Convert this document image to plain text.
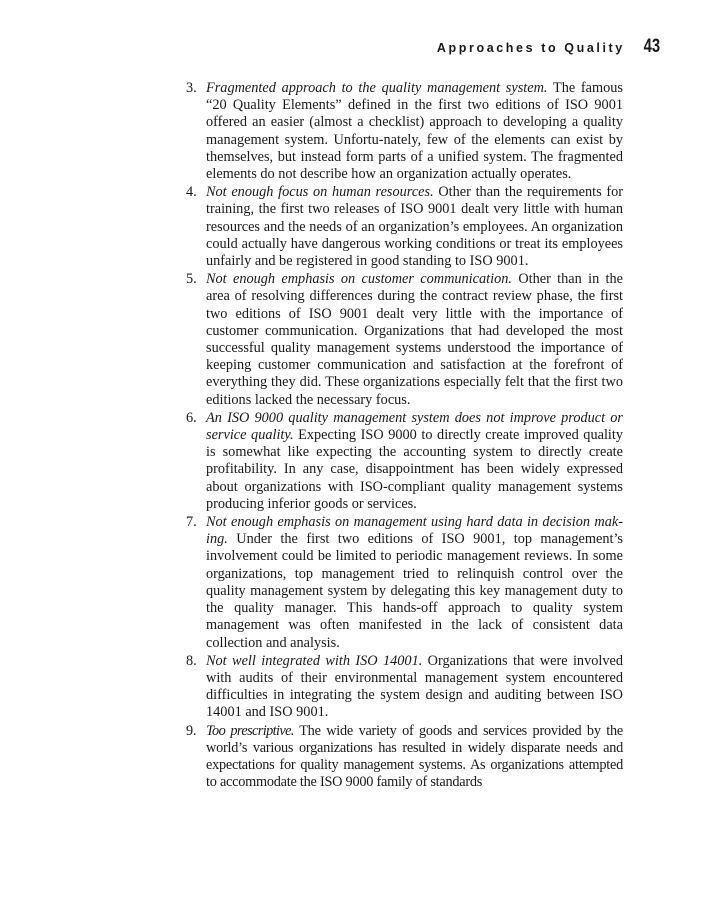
Approaches to Quality 43
3. Fragmented approach to the quality management system. The famous “20 Quality Elements” defined in the first two editions of ISO 9001 offered an easier (almost a checklist) approach to developing a quality management system. Unfortu-nately, few of the elements can exist by themselves, but instead form parts of a unified system. The fragmented elements do not describe how an organization actually operates.
4. Not enough focus on human resources. Other than the requirements for training, the first two releases of ISO 9001 dealt very little with human resources and the needs of an organization’s employees. An organization could actually have dangerous working conditions or treat its employees unfairly and be registered in good standing to ISO 9001.
5. Not enough emphasis on customer communication. Other than in the area of resolving differences during the contract review phase, the first two editions of ISO 9001 dealt very little with the importance of customer communication. Organizations that had developed the most successful quality management systems understood the importance of keeping customer communication and satisfaction at the forefront of everything they did. These organizations especially felt that the first two editions lacked the necessary focus.
6. An ISO 9000 quality management system does not improve product or service quality. Expecting ISO 9000 to directly create improved quality is somewhat like expecting the accounting system to directly create profitability. In any case, disappointment has been widely expressed about organizations with ISO-compliant quality management systems producing inferior goods or services.
7. Not enough emphasis on management using hard data in decision making. Under the first two editions of ISO 9001, top management’s involvement could be limited to periodic management reviews. In some organizations, top management tried to relinquish control over the quality management system by delegating this key management duty to the quality manager. This hands-off approach to quality system management was often manifested in the lack of consistent data collection and analysis.
8. Not well integrated with ISO 14001. Organizations that were involved with audits of their environmental management system encountered difficulties in integrating the system design and auditing between ISO 14001 and ISO 9001.
9. Too prescriptive. The wide variety of goods and services provided by the world’s various organizations has resulted in widely disparate needs and expectations for quality management systems. As organizations attempted to accommodate the ISO 9000 family of standards
